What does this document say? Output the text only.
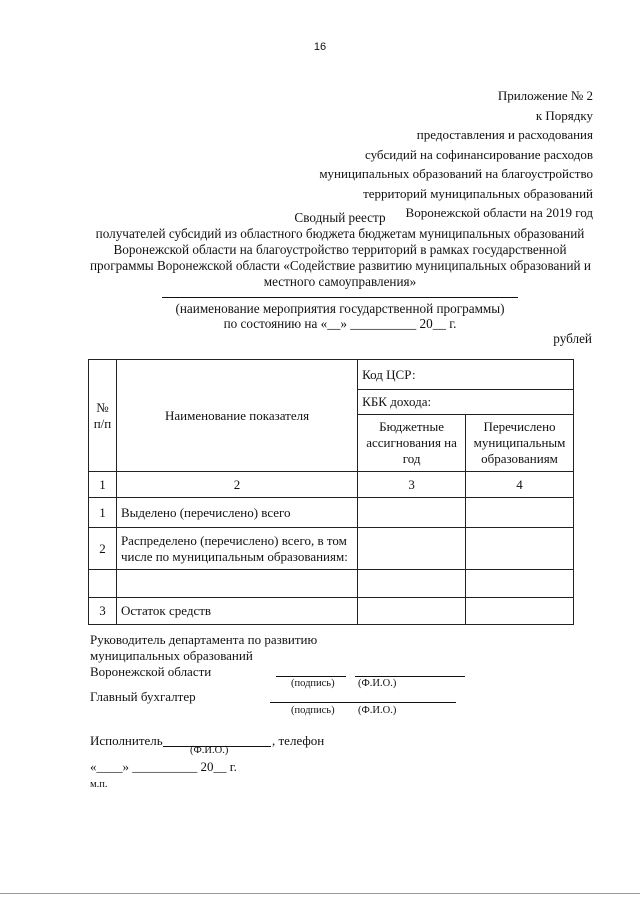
16
Приложение № 2
к Порядку
предоставления и расходования
субсидий на софинансирование расходов
муниципальных образований на благоустройство
территорий муниципальных образований
Воронежской области на 2019 год
Сводный реестр
получателей субсидий из областного бюджета бюджетам муниципальных образований
Воронежской области на благоустройство территорий в рамках государственной
программы Воронежской области «Содействие развитию муниципальных образований и
местного самоуправления»
(наименование мероприятия государственной программы)
по состоянию на «__» __________ 20__ г.
рублей
№
п/п	Наименование показателя	Код ЦСР:	
		КБК дохода:	
		Бюджетные ассигнования на год	Перечислено муниципальным образованиям
1	2	3	4
1	Выделено (перечислено) всего		
2	Распределено (перечислено) всего, в том числе по муниципальным образованиям:		

3	Остаток средств		
Руководитель департамента по развитию
муниципальных образований
Воронежской области
(подпись) (Ф.И.О.)
Главный бухгалтер
(подпись) (Ф.И.О.)
Исполнитель	, телефон
(Ф.И.О.)
«____» __________ 20__ г.
м.п.
